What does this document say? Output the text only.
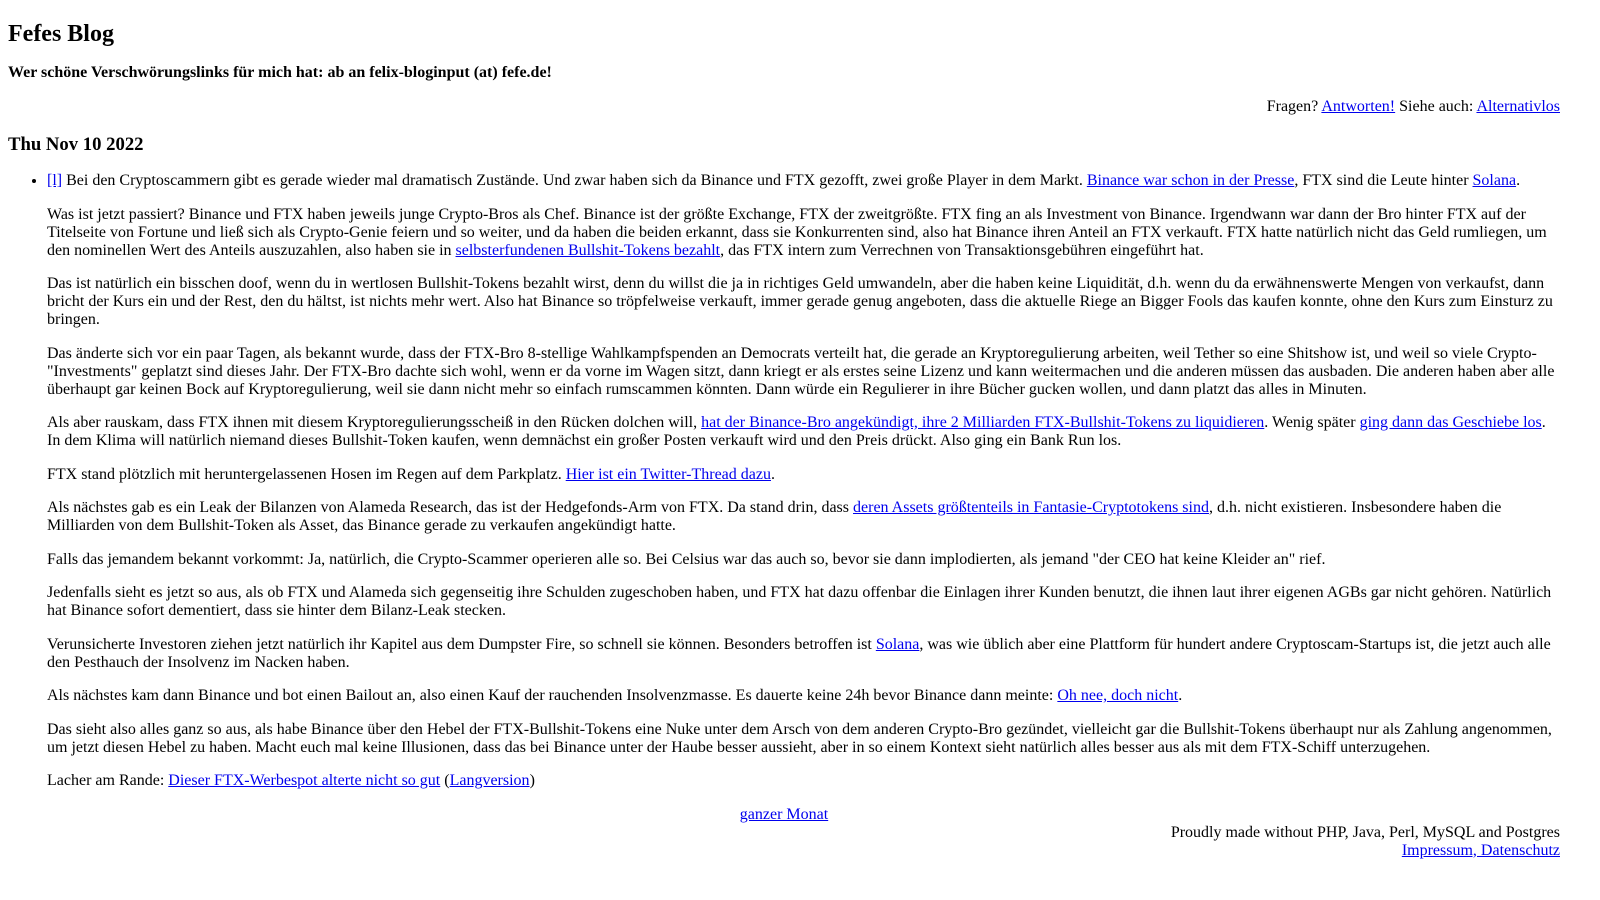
Fefes Blog
Wer schöne Verschwörungslinks für mich hat: ab an felix-bloginput (at) fefe.de!
Fragen? Antworten! Siehe auch: Alternativlos
Thu Nov 10 2022

• [l] Bei den Cryptoscammern gibt es gerade wieder mal dramatisch Zustände. Und zwar haben sich da Binance und FTX gezofft, zwei große Player in dem Markt. Binance war schon in der Presse, FTX sind die Leute hinter Solana.

Was ist jetzt passiert? Binance und FTX haben jeweils junge Crypto-Bros als Chef. Binance ist der größte Exchange, FTX der zweitgrößte. FTX fing an als Investment von Binance. Irgendwann war dann der Bro hinter FTX auf der Titelseite von Fortune und ließ sich als Crypto-Genie feiern und so weiter, und da haben die beiden erkannt, dass sie Konkurrenten sind, also hat Binance ihren Anteil an FTX verkauft. FTX hatte natürlich nicht das Geld rumliegen, um den nominellen Wert des Anteils auszuzahlen, also haben sie in selbsterfundenen Bullshit-Tokens bezahlt, das FTX intern zum Verrechnen von Transaktionsgebühren eingeführt hat.

Das ist natürlich ein bisschen doof, wenn du in wertlosen Bullshit-Tokens bezahlt wirst, denn du willst die ja in richtiges Geld umwandeln, aber die haben keine Liquidität, d.h. wenn du da erwähnenswerte Mengen von verkaufst, dann bricht der Kurs ein und der Rest, den du hältst, ist nichts mehr wert. Also hat Binance so tröpfelweise verkauft, immer gerade genug angeboten, dass die aktuelle Riege an Bigger Fools das kaufen konnte, ohne den Kurs zum Einsturz zu bringen.

Das änderte sich vor ein paar Tagen, als bekannt wurde, dass der FTX-Bro 8-stellige Wahlkampfspenden an Democrats verteilt hat, die gerade an Kryptoregulierung arbeiten, weil Tether so eine Shitshow ist, und weil so viele Crypto-"Investments" geplatzt sind dieses Jahr. Der FTX-Bro dachte sich wohl, wenn er da vorne im Wagen sitzt, dann kriegt er als erstes seine Lizenz und kann weitermachen und die anderen müssen das ausbaden. Die anderen haben aber alle überhaupt gar keinen Bock auf Kryptoregulierung, weil sie dann nicht mehr so einfach rumscammen könnten. Dann würde ein Regulierer in ihre Bücher gucken wollen, und dann platzt das alles in Minuten.

Als aber rauskam, dass FTX ihnen mit diesem Kryptoregulierungsscheiß in den Rücken dolchen will, hat der Binance-Bro angekündigt, ihre 2 Milliarden FTX-Bullshit-Tokens zu liquidieren. Wenig später ging dann das Geschiebe los. In dem Klima will natürlich niemand dieses Bullshit-Token kaufen, wenn demnächst ein großer Posten verkauft wird und den Preis drückt. Also ging ein Bank Run los.

FTX stand plötzlich mit heruntergelassenen Hosen im Regen auf dem Parkplatz. Hier ist ein Twitter-Thread dazu.

Als nächstes gab es ein Leak der Bilanzen von Alameda Research, das ist der Hedgefonds-Arm von FTX. Da stand drin, dass deren Assets größtenteils in Fantasie-Cryptotokens sind, d.h. nicht existieren. Insbesondere haben die Milliarden von dem Bullshit-Token als Asset, das Binance gerade zu verkaufen angekündigt hatte.

Falls das jemandem bekannt vorkommt: Ja, natürlich, die Crypto-Scammer operieren alle so. Bei Celsius war das auch so, bevor sie dann implodierten, als jemand "der CEO hat keine Kleider an" rief.

Jedenfalls sieht es jetzt so aus, als ob FTX und Alameda sich gegenseitig ihre Schulden zugeschoben haben, und FTX hat dazu offenbar die Einlagen ihrer Kunden benutzt, die ihnen laut ihrer eigenen AGBs gar nicht gehören. Natürlich hat Binance sofort dementiert, dass sie hinter dem Bilanz-Leak stecken.

Verunsicherte Investoren ziehen jetzt natürlich ihr Kapitel aus dem Dumpster Fire, so schnell sie können. Besonders betroffen ist Solana, was wie üblich aber eine Plattform für hundert andere Cryptoscam-Startups ist, die jetzt auch alle den Pesthauch der Insolvenz im Nacken haben.

Als nächstes kam dann Binance und bot einen Bailout an, also einen Kauf der rauchenden Insolvenzmasse. Es dauerte keine 24h bevor Binance dann meinte: Oh nee, doch nicht.

Das sieht also alles ganz so aus, als habe Binance über den Hebel der FTX-Bullshit-Tokens eine Nuke unter dem Arsch von dem anderen Crypto-Bro gezündet, vielleicht gar die Bullshit-Tokens überhaupt nur als Zahlung angenommen, um jetzt diesen Hebel zu haben. Macht euch mal keine Illusionen, dass das bei Binance unter der Haube besser aussieht, aber in so einem Kontext sieht natürlich alles besser aus als mit dem FTX-Schiff unterzugehen.

Lacher am Rande: Dieser FTX-Werbespot alterte nicht so gut (Langversion)

ganzer Monat
Proudly made without PHP, Java, Perl, MySQL and Postgres
Impressum, Datenschutz
